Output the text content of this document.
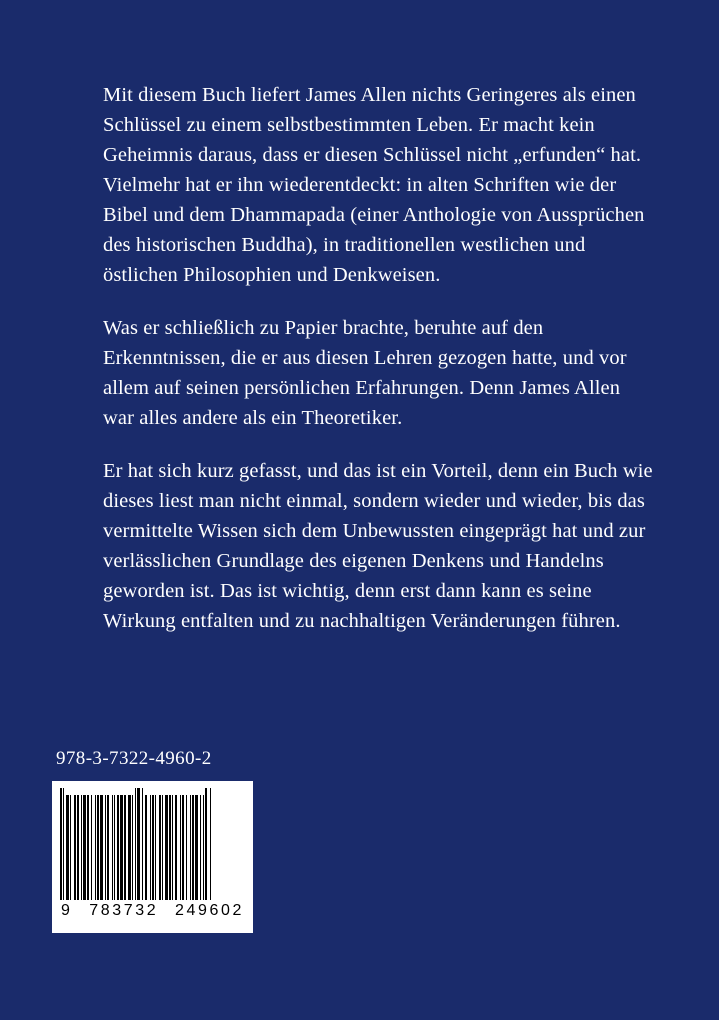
Mit diesem Buch liefert James Allen nichts Geringeres als einen Schlüssel zu einem selbstbestimmten Leben. Er macht kein Geheimnis daraus, dass er diesen Schlüssel nicht „erfunden“ hat. Vielmehr hat er ihn wiederentdeckt: in alten Schriften wie der Bibel und dem Dhammapada (einer Anthologie von Aussprüchen des historischen Buddha), in traditionellen westlichen und östlichen Philosophien und Denkweisen.

Was er schließlich zu Papier brachte, beruhte auf den Erkenntnissen, die er aus diesen Lehren gezogen hatte, und vor allem auf seinen persönlichen Erfahrungen. Denn James Allen war alles andere als ein Theoretiker.

Er hat sich kurz gefasst, und das ist ein Vorteil, denn ein Buch wie dieses liest man nicht einmal, sondern wieder und wieder, bis das vermittelte Wissen sich dem Unbewussten eingeprägt hat und zur verlässlichen Grundlage des eigenen Denkens und Handelns geworden ist. Das ist wichtig, denn erst dann kann es seine Wirkung entfalten und zu nachhaltigen Veränderungen führen.

978-3-7322-4960-2
9 783732 249602
